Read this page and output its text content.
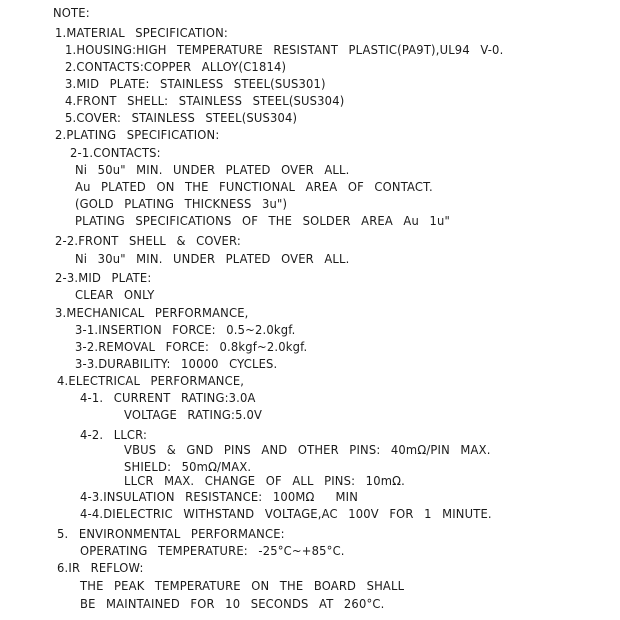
NOTE:
1.MATERIAL  SPECIFICATION:
1.HOUSING:HIGH  TEMPERATURE  RESISTANT  PLASTIC(PA9T),UL94  V-0.
2.CONTACTS:COPPER  ALLOY(C1814)
3.MID  PLATE:  STAINLESS  STEEL(SUS301)
4.FRONT  SHELL:  STAINLESS  STEEL(SUS304)
5.COVER:  STAINLESS  STEEL(SUS304)
2.PLATING  SPECIFICATION:
2-1.CONTACTS:
Ni  50u"  MIN.  UNDER  PLATED  OVER  ALL.
Au  PLATED  ON  THE  FUNCTIONAL  AREA  OF  CONTACT.
(GOLD  PLATING  THICKNESS  3u")
PLATING  SPECIFICATIONS  OF  THE  SOLDER  AREA  Au  1u"
2-2.FRONT  SHELL  &  COVER:
Ni  30u"  MIN.  UNDER  PLATED  OVER  ALL.
2-3.MID  PLATE:
CLEAR  ONLY
3.MECHANICAL  PERFORMANCE,
3-1.INSERTION  FORCE:  0.5~2.0kgf.
3-2.REMOVAL  FORCE:  0.8kgf~2.0kgf.
3-3.DURABILITY:  10000  CYCLES.
4.ELECTRICAL  PERFORMANCE,
4-1.  CURRENT  RATING:3.0A
VOLTAGE  RATING:5.0V
4-2.  LLCR:
VBUS  &  GND  PINS  AND  OTHER  PINS:  40mΩ/PIN  MAX.
SHIELD:  50mΩ/MAX.
LLCR  MAX.  CHANGE  OF  ALL  PINS:  10mΩ.
4-3.INSULATION  RESISTANCE:  100MΩ    MIN
4-4.DIELECTRIC  WITHSTAND  VOLTAGE,AC  100V  FOR  1  MINUTE.
5.  ENVIRONMENTAL  PERFORMANCE:
OPERATING  TEMPERATURE:  -25°C~+85°C.
6.IR  REFLOW:
THE  PEAK  TEMPERATURE  ON  THE  BOARD  SHALL
BE  MAINTAINED  FOR  10  SECONDS  AT  260°C.
